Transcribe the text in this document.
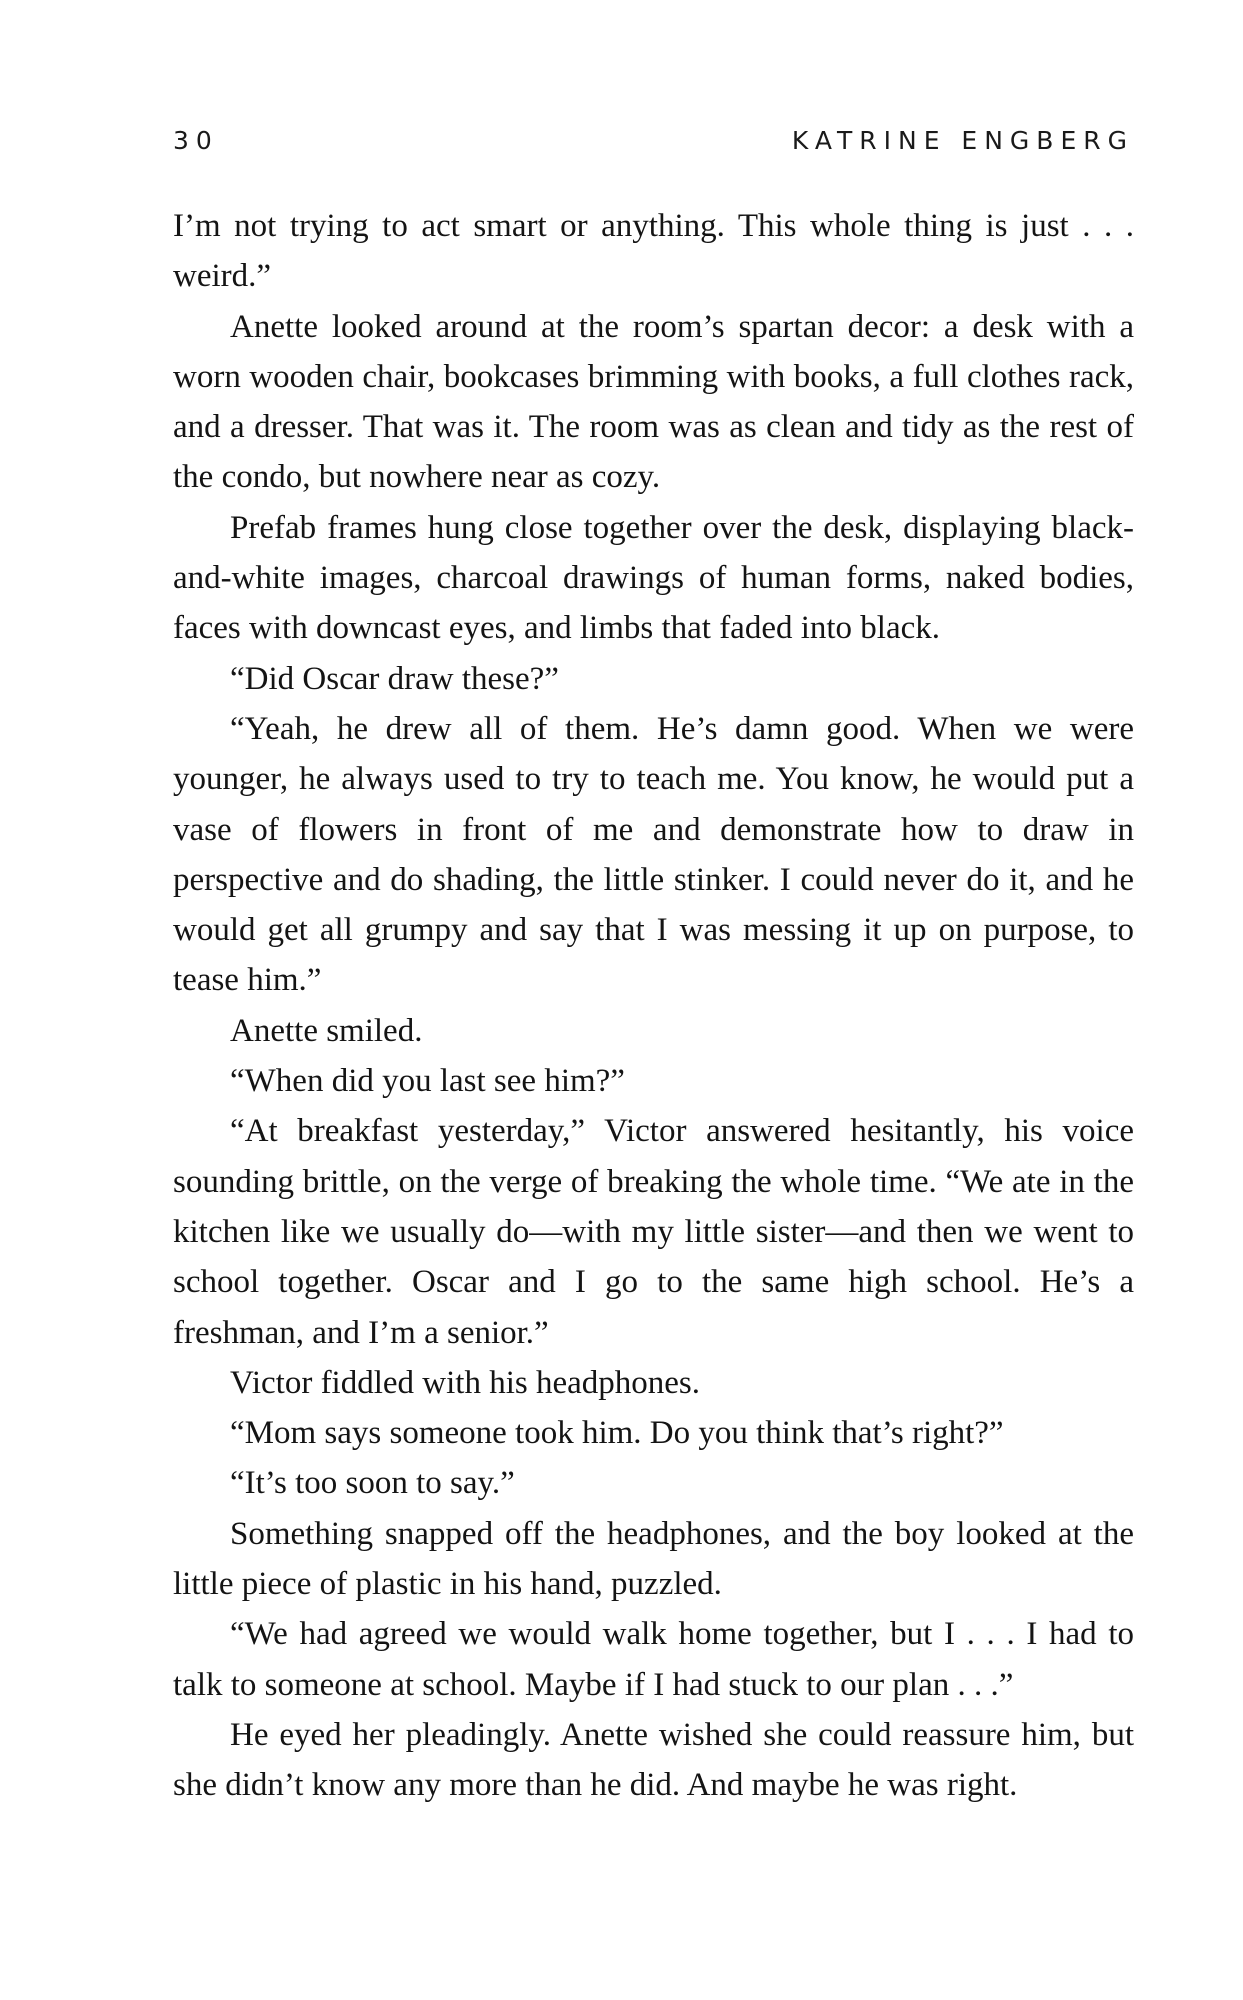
30	KATRINE ENGBERG

I’m not trying to act smart or anything. This whole thing is just . . . weird.”

Anette looked around at the room’s spartan decor: a desk with a worn wooden chair, bookcases brimming with books, a full clothes rack, and a dresser. That was it. The room was as clean and tidy as the rest of the condo, but nowhere near as cozy.

Prefab frames hung close together over the desk, displaying black-and-white images, charcoal drawings of human forms, naked bodies, faces with downcast eyes, and limbs that faded into black.

“Did Oscar draw these?”

“Yeah, he drew all of them. He’s damn good. When we were younger, he always used to try to teach me. You know, he would put a vase of flowers in front of me and demonstrate how to draw in perspective and do shading, the little stinker. I could never do it, and he would get all grumpy and say that I was messing it up on purpose, to tease him.”

Anette smiled.

“When did you last see him?”

“At breakfast yesterday,” Victor answered hesitantly, his voice sounding brittle, on the verge of breaking the whole time. “We ate in the kitchen like we usually do—with my little sister—and then we went to school together. Oscar and I go to the same high school. He’s a freshman, and I’m a senior.”

Victor fiddled with his headphones.

“Mom says someone took him. Do you think that’s right?”

“It’s too soon to say.”

Something snapped off the headphones, and the boy looked at the little piece of plastic in his hand, puzzled.

“We had agreed we would walk home together, but I . . . I had to talk to someone at school. Maybe if I had stuck to our plan . . .”

He eyed her pleadingly. Anette wished she could reassure him, but she didn’t know any more than he did. And maybe he was right.
